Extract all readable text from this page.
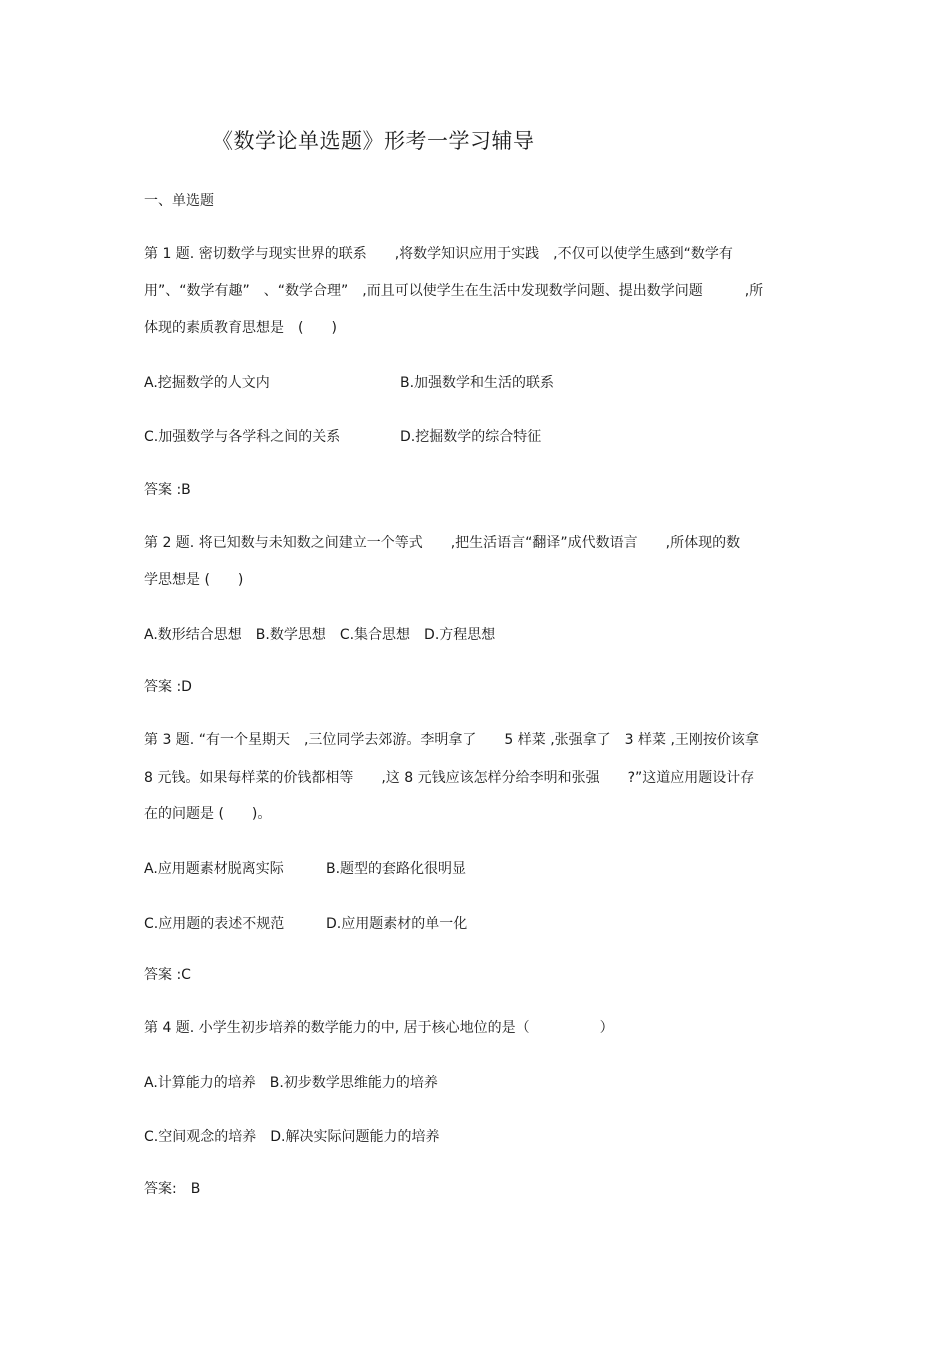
《数学论单选题》形考一学习辅导
一、单选题
第 1 题. 密切数学与现实世界的联系　　,将数学知识应用于实践　,不仅可以使学生感到“数学有
用”、“数学有趣”　、“数学合理”　,而且可以使学生在生活中发现数学问题、提出数学问题　　　,所
体现的素质教育思想是　(　　)
A.挖掘数学的人文内	B.加强数学和生活的联系
C.加强数学与各学科之间的关系	D.挖掘数学的综合特征
答案 :B
第 2 题. 将已知数与未知数之间建立一个等式　　,把生活语言“翻译”成代数语言　　,所体现的数
学思想是 (　　)
A.数形结合思想　B.数学思想　C.集合思想　D.方程思想
答案 :D
第 3 题. “有一个星期天　,三位同学去郊游。李明拿了　　5 样菜 ,张强拿了　3 样菜 ,王刚按价该拿
8 元钱。如果每样菜的价钱都相等　　,这 8 元钱应该怎样分给李明和张强　　?”这道应用题设计存
在的问题是 (　　)。
A.应用题素材脱离实际	B.题型的套路化很明显
C.应用题的表述不规范	D.应用题素材的单一化
答案 :C
第 4 题. 小学生初步培养的数学能力的中, 居于核心地位的是（　　　　　）
A.计算能力的培养　B.初步数学思维能力的培养
C.空间观念的培养　D.解决实际问题能力的培养
答案:　B
